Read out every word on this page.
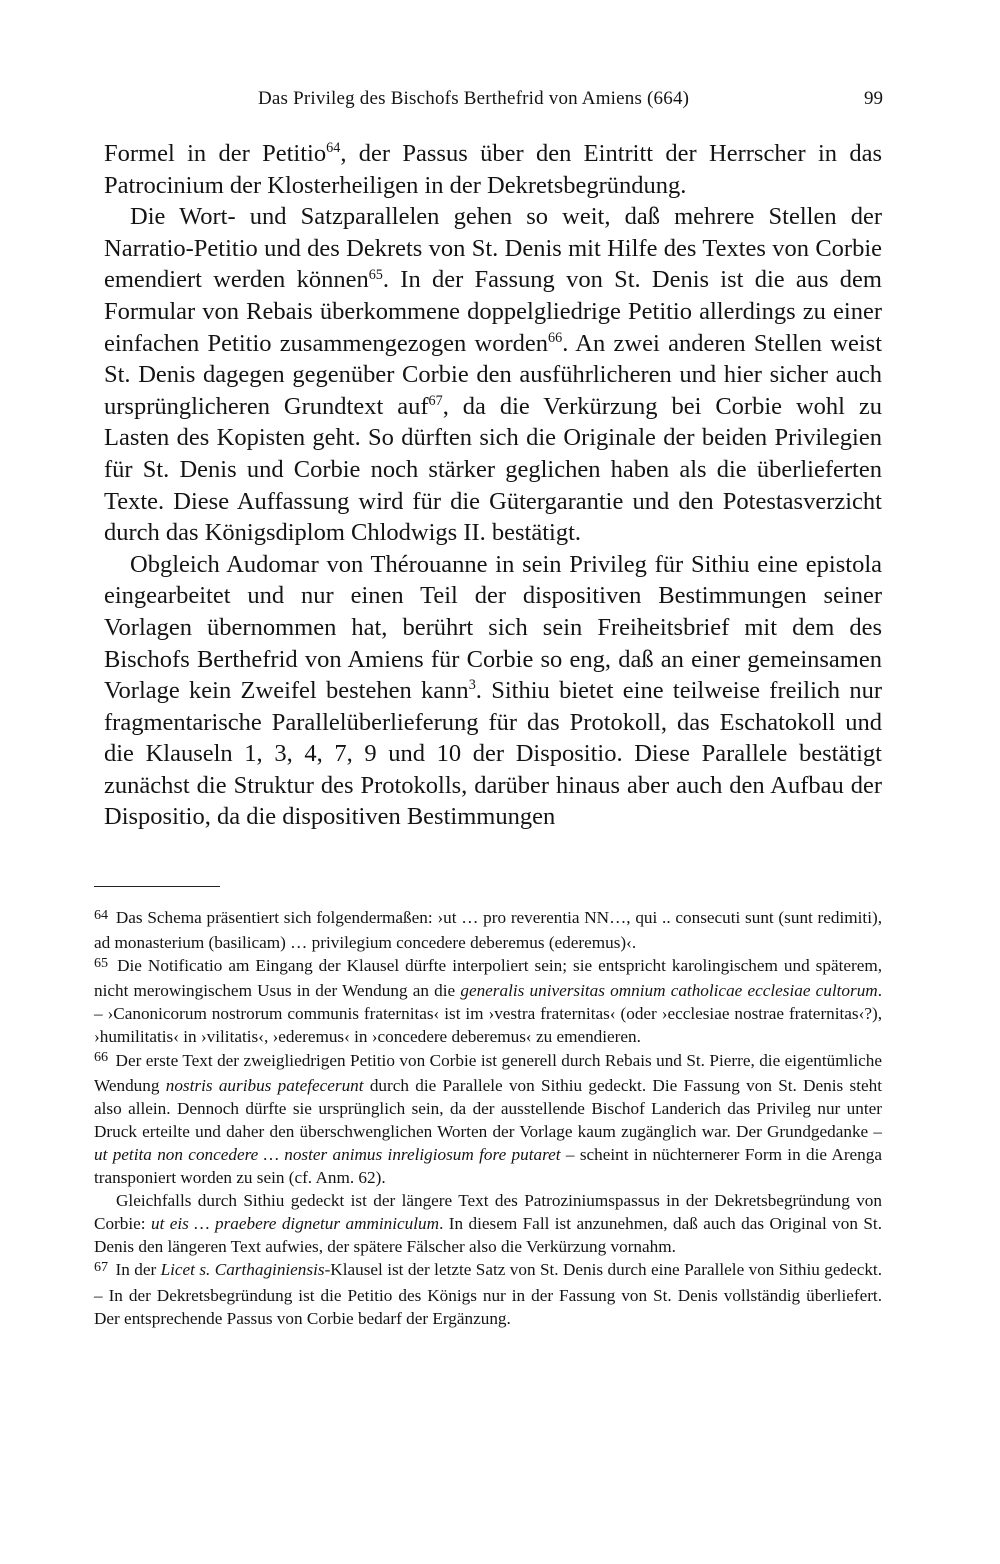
Das Privileg des Bischofs Berthefrid von Amiens (664)	99

Formel in der Petitio$^{64}$, der Passus über den Eintritt der Herrscher in das Patrocinium der Klosterheiligen in der Dekretsbegründung.

Die Wort- und Satzparallelen gehen so weit, daß mehrere Stellen der Narratio-Petitio und des Dekrets von St. Denis mit Hilfe des Textes von Corbie emendiert werden können$^{65}$. In der Fassung von St. Denis ist die aus dem Formular von Rebais überkommene doppelgliedrige Petitio allerdings zu einer einfachen Petitio zusammengezogen worden$^{66}$. An zwei anderen Stellen weist St. Denis dagegen gegenüber Corbie den ausführlicheren und hier sicher auch ursprünglicheren Grundtext auf$^{67}$, da die Verkürzung bei Corbie wohl zu Lasten des Kopisten geht. So dürften sich die Originale der beiden Privilegien für St. Denis und Corbie noch stärker geglichen haben als die überlieferten Texte. Diese Auffassung wird für die Gütergarantie und den Potestasverzicht durch das Königsdiplom Chlodwigs II. bestätigt.

Obgleich Audomar von Thérouanne in sein Privileg für Sithiu eine epistola eingearbeitet und nur einen Teil der dispositiven Bestimmungen seiner Vorlagen übernommen hat, berührt sich sein Freiheitsbrief mit dem des Bischofs Berthefrid von Amiens für Corbie so eng, daß an einer gemeinsamen Vorlage kein Zweifel bestehen kann$^3$. Sithiu bietet eine teilweise freilich nur fragmentarische Parallelüberlieferung für das Protokoll, das Eschatokoll und die Klauseln 1, 3, 4, 7, 9 und 10 der Dispositio. Diese Parallele bestätigt zunächst die Struktur des Protokolls, darüber hinaus aber auch den Aufbau der Dispositio, da die dispositiven Bestimmungen

$^{64}$ Das Schema präsentiert sich folgendermaßen: ›ut … pro reverentia NN…, qui .. consecuti sunt (sunt redimiti), ad monasterium (basilicam) … privilegium concedere deberemus (ederemus)‹.

$^{65}$ Die Notificatio am Eingang der Klausel dürfte interpoliert sein; sie entspricht karolingischem und späterem, nicht merowingischem Usus in der Wendung an die generalis universitas omnium catholicae ecclesiae cultorum. – ›Canonicorum nostrorum communis fraternitas‹ ist im ›vestra fraternitas‹ (oder ›ecclesiae nostrae fraternitas‹?), ›humilitatis‹ in ›vilitatis‹, ›ederemus‹ in ›concedere deberemus‹ zu emendieren.

$^{66}$ Der erste Text der zweigliedrigen Petitio von Corbie ist generell durch Rebais und St. Pierre, die eigentümliche Wendung nostris auribus patefecerunt durch die Parallele von Sithiu gedeckt. Die Fassung von St. Denis steht also allein. Dennoch dürfte sie ursprünglich sein, da der ausstellende Bischof Landerich das Privileg nur unter Druck erteilte und daher den überschwenglichen Worten der Vorlage kaum zugänglich war. Der Grundgedanke – ut petita non concedere … noster animus inreligiosum fore putaret – scheint in nüchternerer Form in die Arenga transponiert worden zu sein (cf. Anm. 62).

Gleichfalls durch Sithiu gedeckt ist der längere Text des Patroziniumspassus in der Dekretsbegründung von Corbie: ut eis … praebere dignetur amminiculum. In diesem Fall ist anzunehmen, daß auch das Original von St. Denis den längeren Text aufwies, der spätere Fälscher also die Verkürzung vornahm.

$^{67}$ In der Licet s. Carthaginiensis-Klausel ist der letzte Satz von St. Denis durch eine Parallele von Sithiu gedeckt. – In der Dekretsbegründung ist die Petitio des Königs nur in der Fassung von St. Denis vollständig überliefert. Der entsprechende Passus von Corbie bedarf der Ergänzung.
